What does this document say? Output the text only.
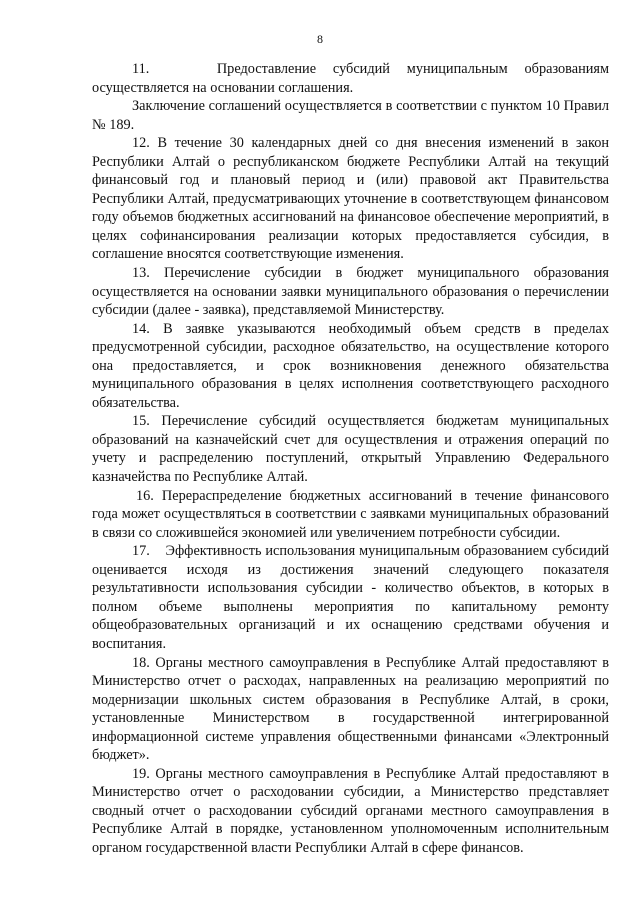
8

11.    Предоставление субсидий муниципальным образованиям осуществляется на основании соглашения.

Заключение соглашений осуществляется в соответствии с пунктом 10 Правил № 189.

12. В течение 30 календарных дней со дня внесения изменений в закон Республики Алтай о республиканском бюджете Республики Алтай на текущий финансовый год и плановый период и (или) правовой акт Правительства Республики Алтай, предусматривающих уточнение в соответствующем финансовом году объемов бюджетных ассигнований на финансовое обеспечение мероприятий, в целях софинансирования реализации которых предоставляется субсидия, в соглашение вносятся соответствующие изменения.

13. Перечисление субсидии в бюджет муниципального образования осуществляется на основании заявки муниципального образования о перечислении субсидии (далее - заявка), представляемой Министерству.

14. В заявке указываются необходимый объем средств в пределах предусмотренной субсидии, расходное обязательство, на осуществление которого она предоставляется, и срок возникновения денежного обязательства муниципального образования в целях исполнения соответствующего расходного обязательства.

15. Перечисление субсидий осуществляется бюджетам муниципальных образований на казначейский счет для осуществления и отражения операций по учету и распределению поступлений, открытый Управлению Федерального казначейства по Республике Алтай.

16. Перераспределение бюджетных ассигнований в течение финансового года может осуществляться в соответствии с заявками муниципальных образований в связи со сложившейся экономией или увеличением потребности субсидии.

17.    Эффективность использования муниципальным образованием субсидий оценивается исходя из достижения значений следующего показателя результативности использования субсидии - количество объектов, в которых в полном объеме выполнены мероприятия по капитальному ремонту общеобразовательных организаций и их оснащению средствами обучения и воспитания.

18. Органы местного самоуправления в Республике Алтай предоставляют в Министерство отчет о расходах, направленных на реализацию мероприятий по модернизации школьных систем образования в Республике Алтай, в сроки, установленные Министерством в государственной интегрированной информационной системе управления общественными финансами «Электронный бюджет».

19. Органы местного самоуправления в Республике Алтай предоставляют в Министерство отчет о расходовании субсидии, а Министерство представляет сводный отчет о расходовании субсидий органами местного самоуправления в Республике Алтай в порядке, установленном уполномоченным исполнительным органом государственной власти Республики Алтай в сфере финансов.
